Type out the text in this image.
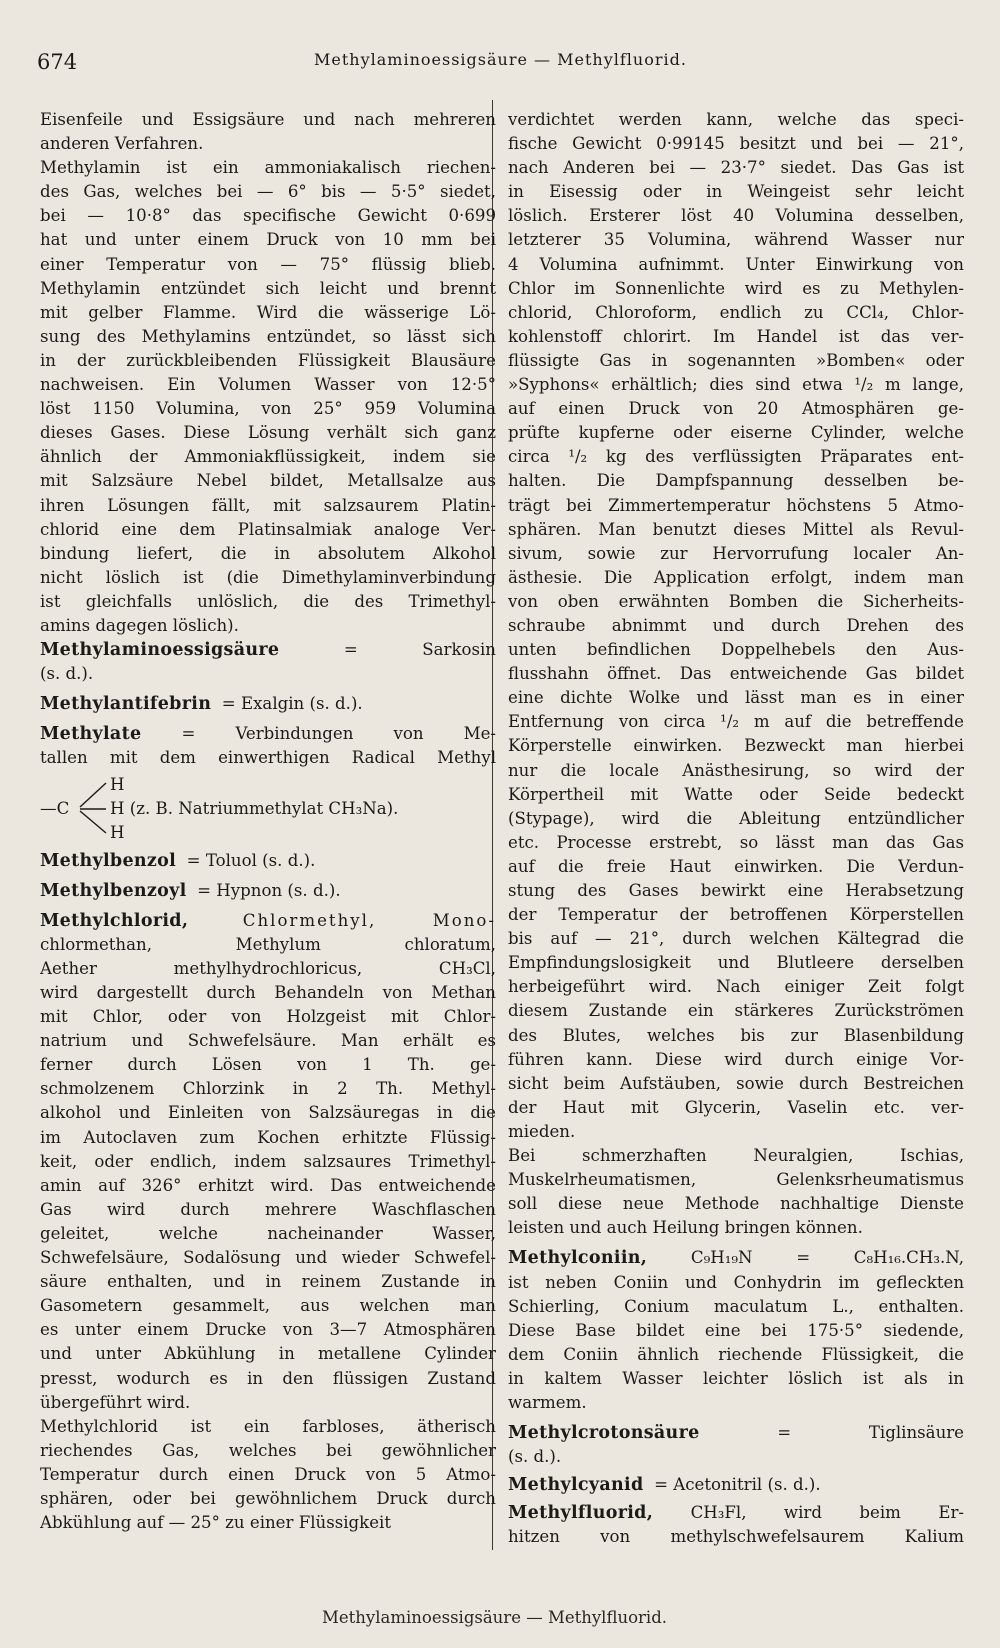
674	Methylaminoessigsäure — Methylfluorid.
Eisenfeile und Essigsäure und nach mehreren
anderen Verfahren.
Methylamin ist ein ammoniakalisch riechen-
des Gas, welches bei — 6° bis — 5·5° siedet,
bei — 10·8° das specifische Gewicht 0·699
hat und unter einem Druck von 10 mm bei
einer Temperatur von — 75° flüssig blieb.
Methylamin entzündet sich leicht und brennt
mit gelber Flamme. Wird die wässerige Lö-
sung des Methylamins entzündet, so lässt sich
in der zurückbleibenden Flüssigkeit Blausäure
nachweisen. Ein Volumen Wasser von 12·5°
löst 1150 Volumina, von 25° 959 Volumina
dieses Gases. Diese Lösung verhält sich ganz
ähnlich der Ammoniakflüssigkeit, indem sie
mit Salzsäure Nebel bildet, Metallsalze aus
ihren Lösungen fällt, mit salzsaurem Platin-
chlorid eine dem Platinsalmiak analoge Ver-
bindung liefert, die in absolutem Alkohol
nicht löslich ist (die Dimethylaminverbindung
ist gleichfalls unlöslich, die des Trimethyl-
amins dagegen löslich).
Methylaminoessigsäure	= Sarkosin
(s. d.).
Methylantifebrin = Exalgin (s. d.).
Methylate = Verbindungen von Me-
tallen mit dem einwerthigen Radical Methyl
H
—C H (z. B. Natriummethylat CH₃Na).
H
Methylbenzol = Toluol (s. d.).
Methylbenzoyl = Hypnon (s. d.).
Methylchlorid,	Chlormethyl, Mono-
chlormethan, Methylum chloratum,
Aether methylhydrochloricus, CH₃Cl,
wird dargestellt durch Behandeln von Methan
mit Chlor, oder von Holzgeist mit Chlor-
natrium und Schwefelsäure. Man erhält es
ferner durch Lösen von 1 Th. ge-
schmolzenem Chlorzink in 2 Th. Methyl-
alkohol und Einleiten von Salzsäuregas in die
im Autoclaven zum Kochen erhitzte Flüssig-
keit, oder endlich, indem salzsaures Trimethyl-
amin auf 326° erhitzt wird. Das entweichende
Gas wird durch mehrere Waschflaschen
geleitet, welche nacheinander Wasser,
Schwefelsäure, Sodalösung und wieder Schwefel-
säure enthalten, und in reinem Zustande in
Gasometern gesammelt, aus welchen man
es unter einem Drucke von 3—7 Atmosphären
und unter Abkühlung in metallene Cylinder
presst, wodurch es in den flüssigen Zustand
übergeführt wird.
Methylchlorid ist ein farbloses, ätherisch
riechendes Gas, welches bei gewöhnlicher
Temperatur durch einen Druck von 5 Atmo-
sphären, oder bei gewöhnlichem Druck durch
Abkühlung auf — 25° zu einer Flüssigkeit
verdichtet werden kann, welche das speci-
fische Gewicht 0·99145 besitzt und bei — 21°,
nach Anderen bei — 23·7° siedet. Das Gas ist
in Eisessig oder in Weingeist sehr leicht
löslich. Ersterer löst 40 Volumina desselben,
letzterer 35 Volumina, während Wasser nur
4 Volumina aufnimmt. Unter Einwirkung von
Chlor im Sonnenlichte wird es zu Methylen-
chlorid, Chloroform, endlich zu CCl₄, Chlor-
kohlenstoff chlorirt. Im Handel ist das ver-
flüssigte Gas in sogenannten »Bomben« oder
»Syphons« erhältlich; dies sind etwa ¹/₂ m lange,
auf einen Druck von 20 Atmosphären ge-
prüfte kupferne oder eiserne Cylinder, welche
circa ¹/₂ kg des verflüssigten Präparates ent-
halten. Die Dampfspannung desselben be-
trägt bei Zimmertemperatur höchstens 5 Atmo-
sphären. Man benutzt dieses Mittel als Revul-
sivum, sowie zur Hervorrufung localer An-
ästhesie. Die Application erfolgt, indem man
von oben erwähnten Bomben die Sicherheits-
schraube abnimmt und durch Drehen des
unten befindlichen Doppelhebels den Aus-
flusshahn öffnet. Das entweichende Gas bildet
eine dichte Wolke und lässt man es in einer
Entfernung von circa ¹/₂ m auf die betreffende
Körperstelle einwirken. Bezweckt man hierbei
nur die locale Anästhesirung, so wird der
Körpertheil mit Watte oder Seide bedeckt
(Stypage), wird die Ableitung entzündlicher
etc. Processe erstrebt, so lässt man das Gas
auf die freie Haut einwirken. Die Verdun-
stung des Gases bewirkt eine Herabsetzung
der Temperatur der betroffenen Körperstellen
bis auf — 21°, durch welchen Kältegrad die
Empfindungslosigkeit und Blutleere derselben
herbeigeführt wird. Nach einiger Zeit folgt
diesem Zustande ein stärkeres Zurückströmen
des Blutes, welches bis zur Blasenbildung
führen kann. Diese wird durch einige Vor-
sicht beim Aufstäuben, sowie durch Bestreichen
der Haut mit Glycerin, Vaselin etc. ver-
mieden.
Bei schmerzhaften Neuralgien, Ischias,
Muskelrheumatismen, Gelenksrheumatismus
soll diese neue Methode nachhaltige Dienste
leisten und auch Heilung bringen können.
Methylconiin,	C₉H₁₉N = C₈H₁₆.CH₃.N,
ist neben Coniin und Conhydrin im gefleckten
Schierling, Conium maculatum L., enthalten.
Diese Base bildet eine bei 175·5° siedende,
dem Coniin ähnlich riechende Flüssigkeit, die
in kaltem Wasser leichter löslich ist als in
warmem.
Methylcrotonsäure	= Tiglinsäure
(s. d.).
Methylcyanid = Acetonitril (s. d.).
Methylfluorid, CH₃Fl, wird beim Er-
hitzen von methylschwefelsaurem Kalium
Methylaminoessigsäure — Methylfluorid.
